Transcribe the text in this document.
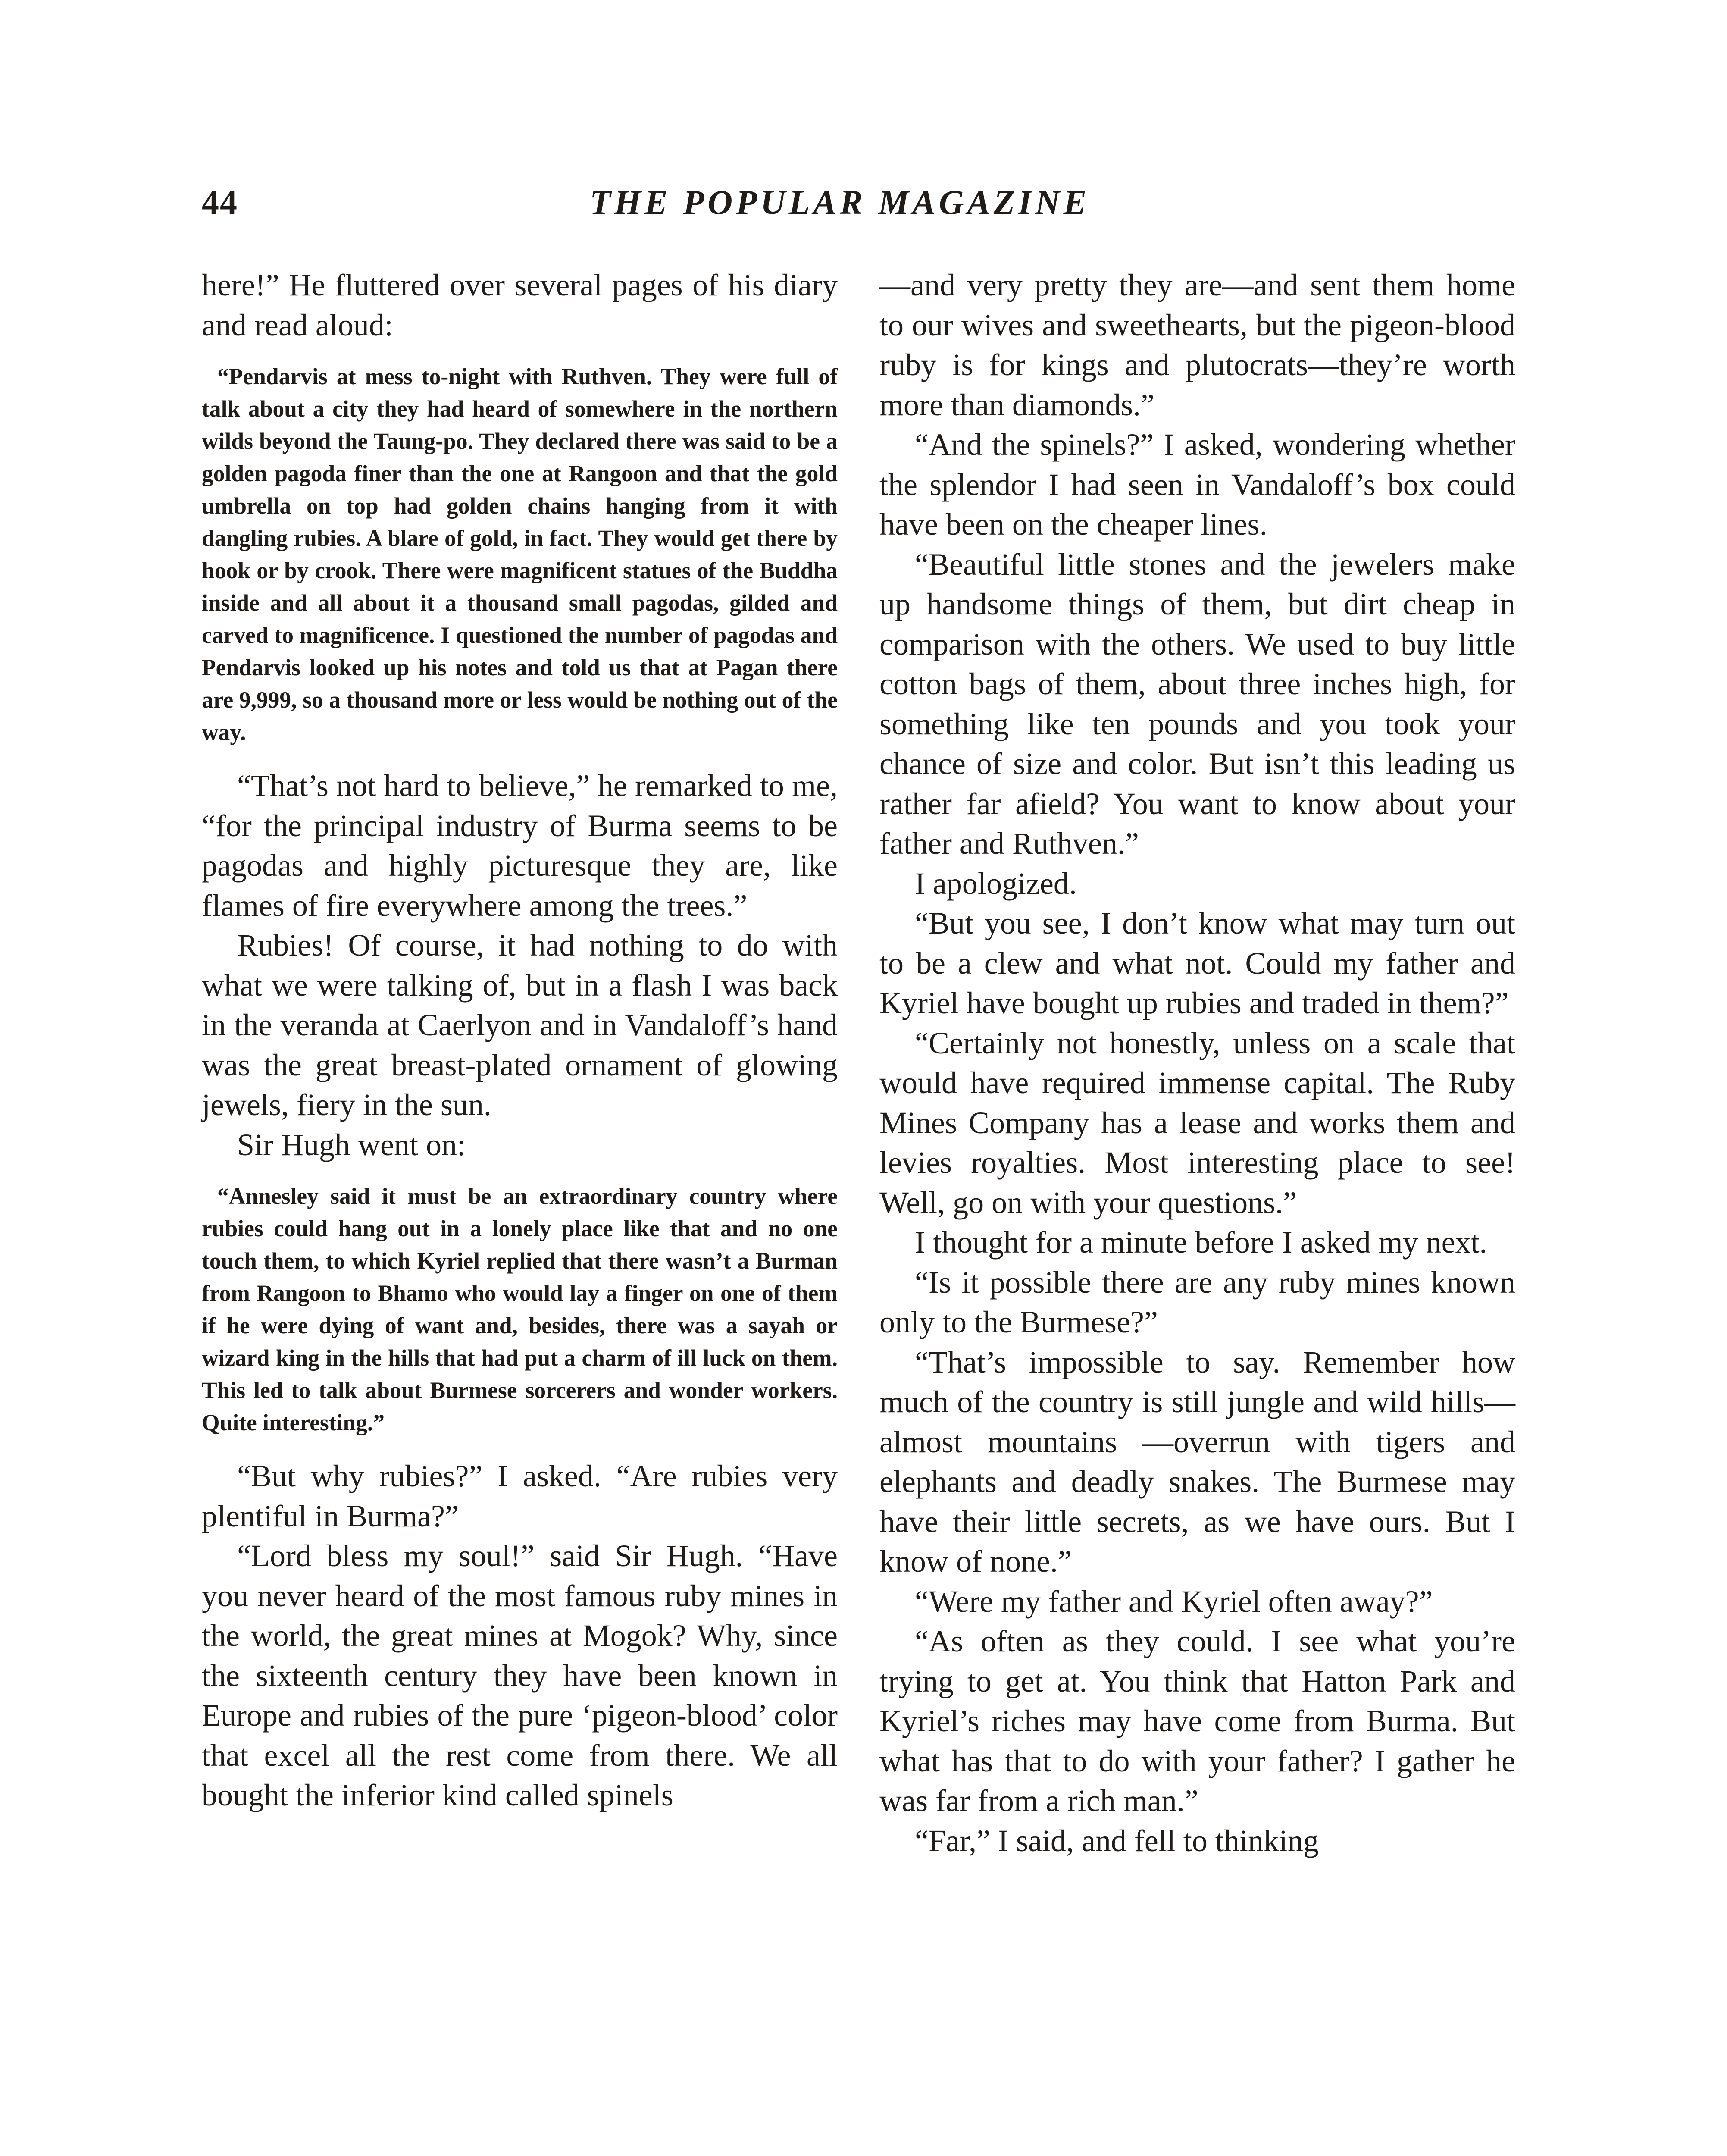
44	THE POPULAR MAGAZINE

here!” He fluttered over several pages of his diary and read aloud:

“Pendarvis at mess to-night with Ruthven. They were full of talk about a city they had heard of somewhere in the northern wilds beyond the Taung-po. They declared there was said to be a golden pagoda finer than the one at Rangoon and that the gold umbrella on top had golden chains hanging from it with dangling rubies. A blare of gold, in fact. They would get there by hook or by crook. There were magnificent statues of the Buddha inside and all about it a thousand small pagodas, gilded and carved to magnificence. I questioned the number of pagodas and Pendarvis looked up his notes and told us that at Pagan there are 9,999, so a thousand more or less would be nothing out of the way.

“That’s not hard to believe,” he remarked to me, “for the principal industry of Burma seems to be pagodas and highly picturesque they are, like flames of fire everywhere among the trees.”

Rubies! Of course, it had nothing to do with what we were talking of, but in a flash I was back in the veranda at Caerlyon and in Vandaloff’s hand was the great breast-plated ornament of glowing jewels, fiery in the sun.

Sir Hugh went on:

“Annesley said it must be an extraordinary country where rubies could hang out in a lonely place like that and no one touch them, to which Kyriel replied that there wasn’t a Burman from Rangoon to Bhamo who would lay a finger on one of them if he were dying of want and, besides, there was a sayah or wizard king in the hills that had put a charm of ill luck on them. This led to talk about Burmese sorcerers and wonder workers. Quite interesting.”

“But why rubies?” I asked. “Are rubies very plentiful in Burma?”

“Lord bless my soul!” said Sir Hugh. “Have you never heard of the most famous ruby mines in the world, the great mines at Mogok? Why, since the sixteenth century they have been known in Europe and rubies of the pure ‘pigeon-blood’ color that excel all the rest come from there. We all bought the inferior kind called spinels

—and very pretty they are—and sent them home to our wives and sweethearts, but the pigeon-blood ruby is for kings and plutocrats—they’re worth more than diamonds.”

“And the spinels?” I asked, wondering whether the splendor I had seen in Vandaloff’s box could have been on the cheaper lines.

“Beautiful little stones and the jewelers make up handsome things of them, but dirt cheap in comparison with the others. We used to buy little cotton bags of them, about three inches high, for something like ten pounds and you took your chance of size and color. But isn’t this leading us rather far afield? You want to know about your father and Ruthven.”

I apologized.

“But you see, I don’t know what may turn out to be a clew and what not. Could my father and Kyriel have bought up rubies and traded in them?”

“Certainly not honestly, unless on a scale that would have required immense capital. The Ruby Mines Company has a lease and works them and levies royalties. Most interesting place to see! Well, go on with your questions.”

I thought for a minute before I asked my next.

“Is it possible there are any ruby mines known only to the Burmese?”

“That’s impossible to say. Remember how much of the country is still jungle and wild hills—almost mountains —overrun with tigers and elephants and deadly snakes. The Burmese may have their little secrets, as we have ours. But I know of none.”

“Were my father and Kyriel often away?”

“As often as they could. I see what you’re trying to get at. You think that Hatton Park and Kyriel’s riches may have come from Burma. But what has that to do with your father? I gather he was far from a rich man.”

“Far,” I said, and fell to thinking
